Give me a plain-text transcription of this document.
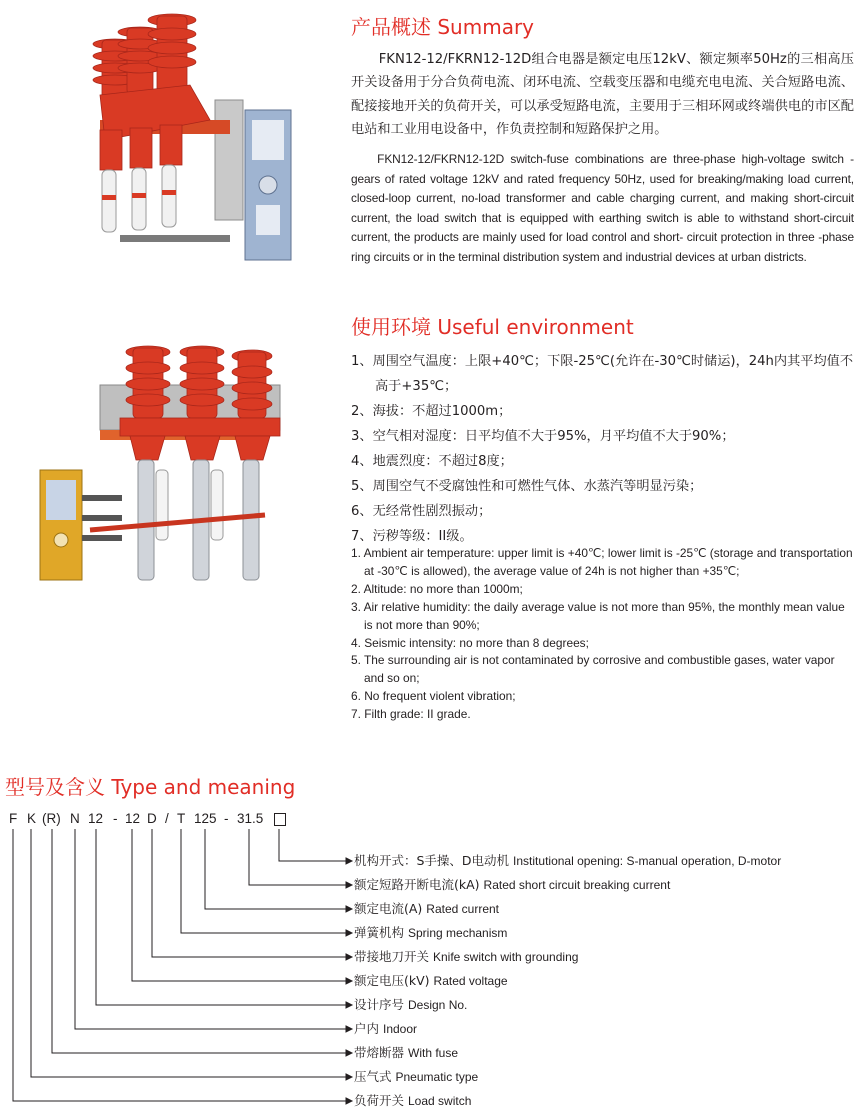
产品概述 Summary
FKN12-12/FKRN12-12D组合电器是额定电压12kV、额定频率50Hz的三相高压开关设备用于分合负荷电流、闭环电流、空载变压器和电缆充电电流、关合短路电流、配接接地开关的负荷开关，可以承受短路电流，主要用于三相环网或终端供电的市区配电站和工业用电设备中，作负责控制和短路保护之用。
FKN12-12/FKRN12-12D switch-fuse combinations are three-phase high-voltage switch -gears of rated voltage 12kV and rated frequency 50Hz, used for breaking/making load current, closed-loop current, no-load transformer and cable charging current, and making short-circuit current, the load switch that is equipped with earthing switch is able to withstand short-circuit current, the products are mainly used for load control and short- circuit protection in three -phase ring circuits or in the terminal distribution system and industrial devices at urban districts.
使用环境 Useful environment
1、周围空气温度：上限+40℃；下限-25℃(允许在-30℃时储运)，24h内其平均值不高于+35℃；
2、海拔：不超过1000m；
3、空气相对湿度：日平均值不大于95%，月平均值不大于90%；
4、地震烈度：不超过8度；
5、周围空气不受腐蚀性和可燃性气体、水蒸汽等明显污染；
6、无经常性剧烈振动；
7、污秽等级：II级。
1. Ambient air temperature: upper limit is +40℃; lower limit is -25℃ (storage and transportation at -30℃ is allowed), the average value of 24h is not higher than +35℃;
2. Altitude: no more than 1000m;
3. Air relative humidity: the daily average value is not more than 95%, the monthly mean value is not more than 90%;
4. Seismic intensity: no more than 8 degrees;
5. The surrounding air is not contaminated by corrosive and combustible gases, water vapor and so on;
6. No frequent violent vibration;
7. Filth grade: II grade.
型号及含义 Type and meaning
F K (R) N 12 - 12 D / T 125 - 31.5
机构开式：S手操、D电动机 Institutional opening: S-manual operation, D-motor
额定短路开断电流(kA) Rated short circuit breaking current
额定电流(A) Rated current
弹簧机构 Spring mechanism
带接地刀开关 Knife switch with grounding
额定电压(kV) Rated voltage
设计序号 Design No.
户内 Indoor
带熔断器 With fuse
压气式 Pneumatic type
负荷开关 Load switch
